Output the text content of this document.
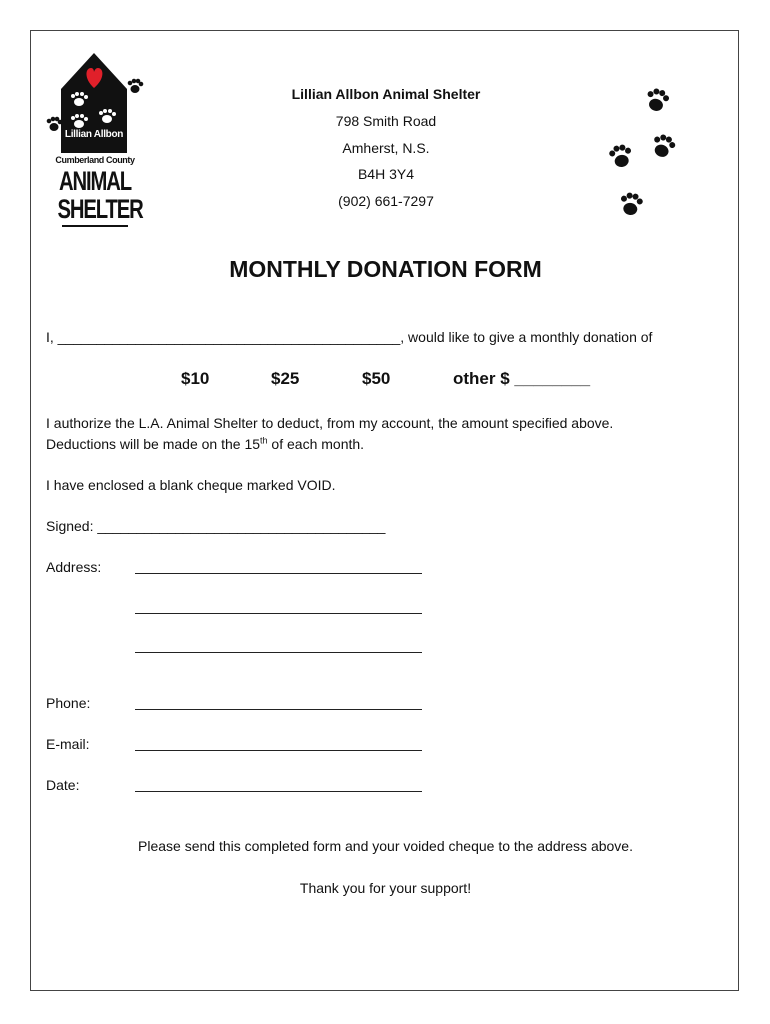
Lillian Allbon
Cumberland County
ANIMAL
SHELTER
Lillian Allbon Animal Shelter
798 Smith Road
Amherst, N.S.
B4H 3Y4
(902) 661-7297
MONTHLY DONATION FORM
I, ____________________________________________, would like to give a monthly donation of
$10	$25	$50	other $ ________
I authorize the L.A. Animal Shelter to deduct, from my account, the amount specified above.
Deductions will be made on the 15th of each month.
I have enclosed a blank cheque marked VOID.
Signed: _____________________________________
Address:
Phone:
E-mail:
Date:
Please send this completed form and your voided cheque to the address above.
Thank you for your support!
